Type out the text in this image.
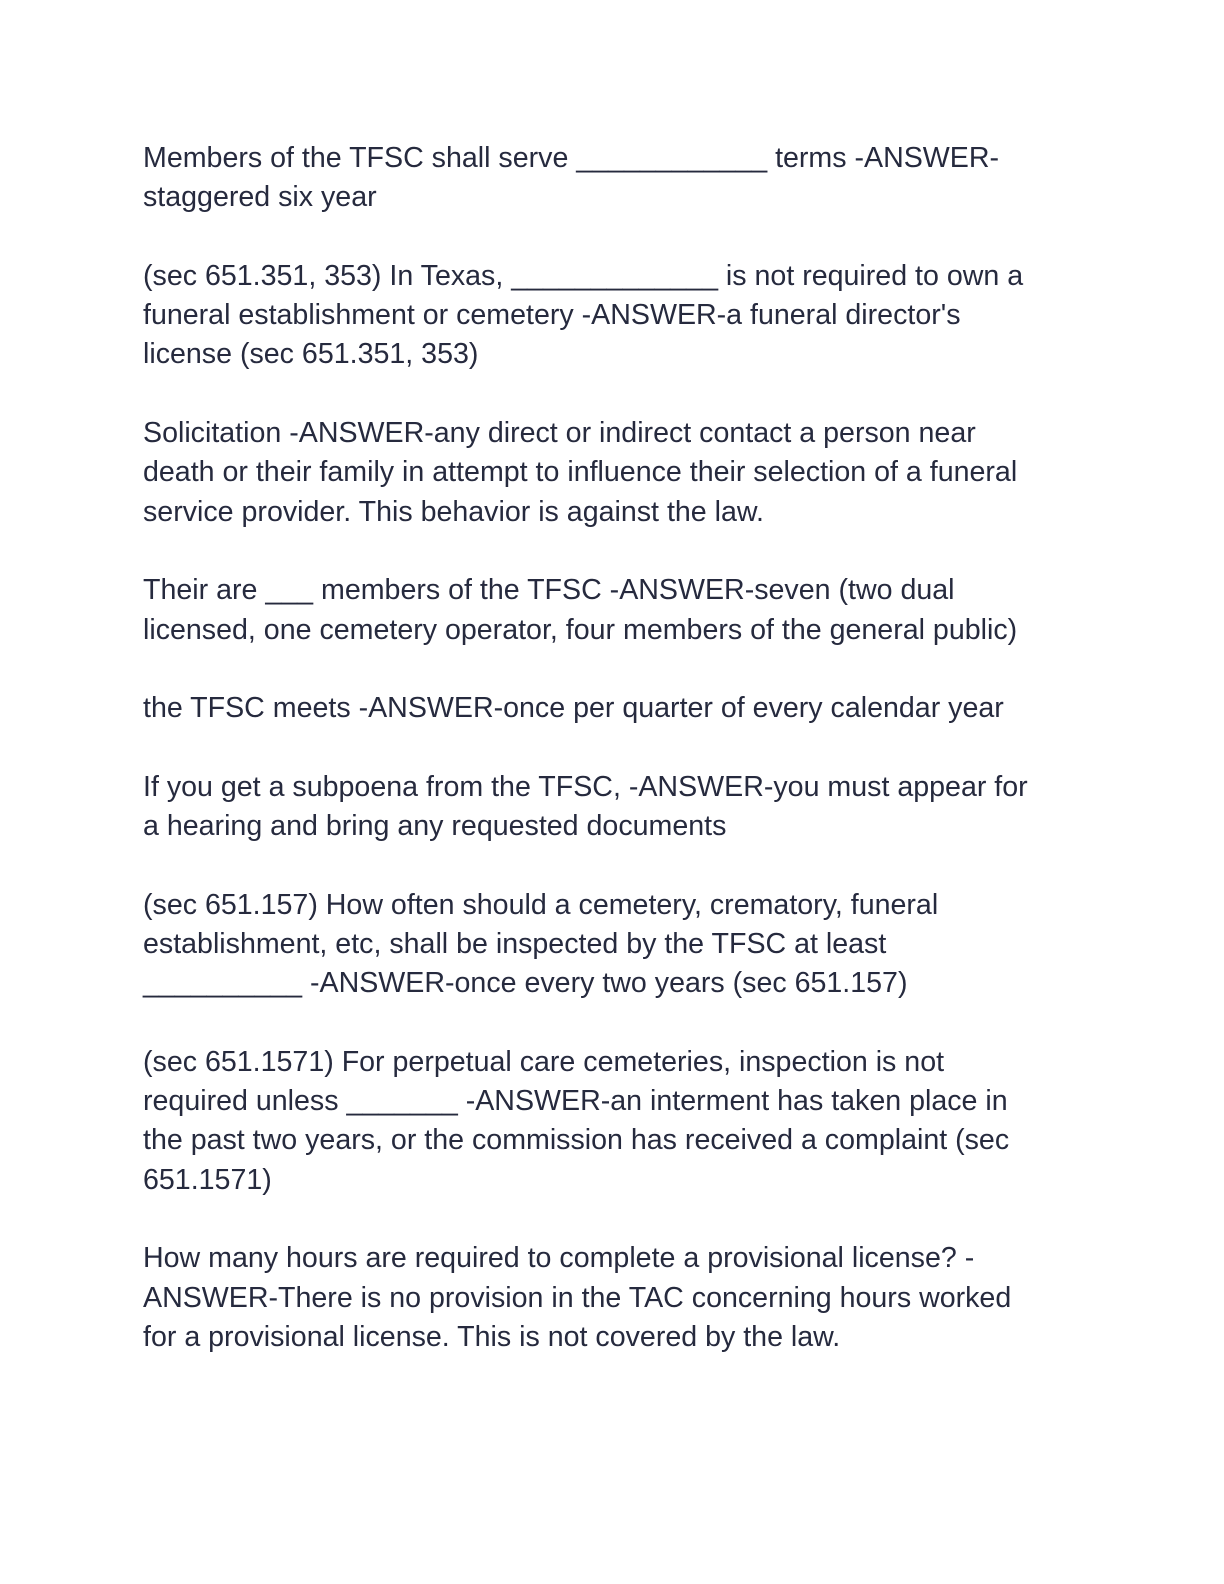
Members of the TFSC shall serve ____________ terms -ANSWER-
staggered six year

(sec 651.351, 353) In Texas, _____________ is not required to own a
funeral establishment or cemetery -ANSWER-a funeral director's
license (sec 651.351, 353)

Solicitation -ANSWER-any direct or indirect contact a person near
death or their family in attempt to influence their selection of a funeral
service provider. This behavior is against the law.

Their are ___ members of the TFSC -ANSWER-seven (two dual
licensed, one cemetery operator, four members of the general public)

the TFSC meets -ANSWER-once per quarter of every calendar year

If you get a subpoena from the TFSC, -ANSWER-you must appear for
a hearing and bring any requested documents

(sec 651.157) How often should a cemetery, crematory, funeral
establishment, etc, shall be inspected by the TFSC at least
__________ -ANSWER-once every two years (sec 651.157)

(sec 651.1571) For perpetual care cemeteries, inspection is not
required unless _______ -ANSWER-an interment has taken place in
the past two years, or the commission has received a complaint (sec
651.1571)

How many hours are required to complete a provisional license? -
ANSWER-There is no provision in the TAC concerning hours worked
for a provisional license. This is not covered by the law.
